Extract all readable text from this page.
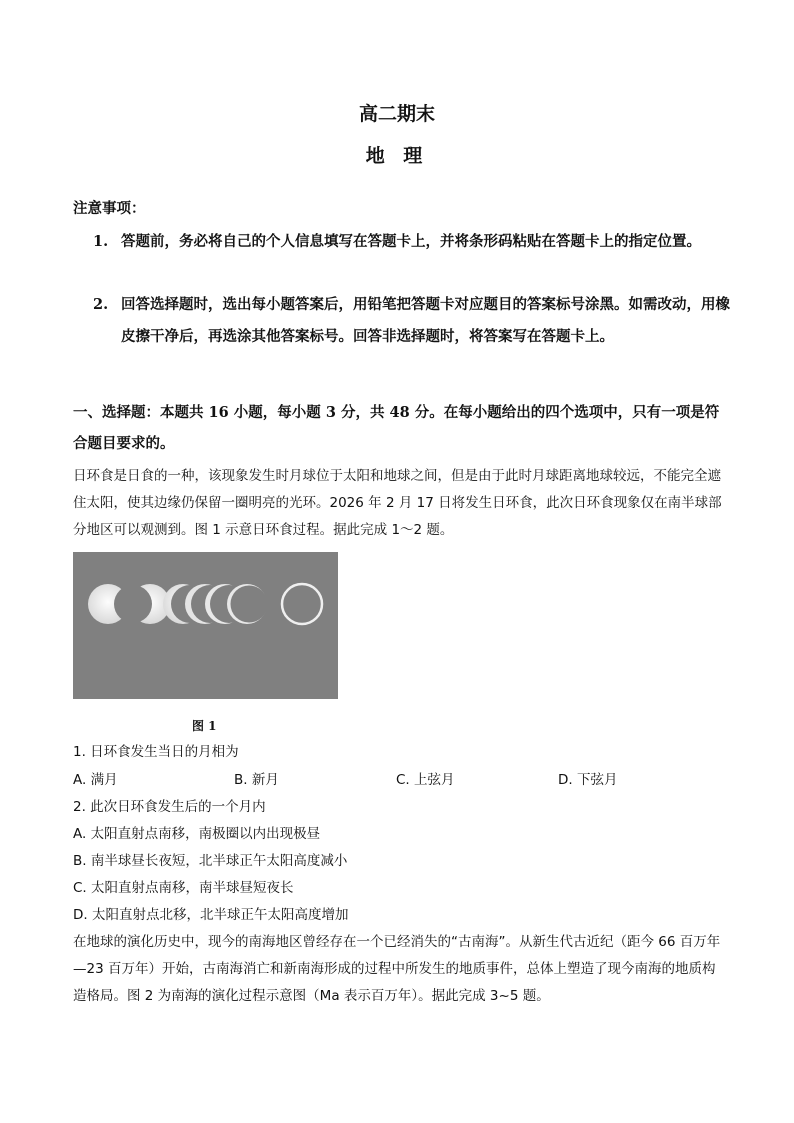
高二期末
地 理
注意事项：
1. 答题前，务必将自己的个人信息填写在答题卡上，并将条形码粘贴在答题卡上的指定位置。
2. 回答选择题时，选出每小题答案后，用铅笔把答题卡对应题目的答案标号涂黑。如需改动，用橡皮擦干净后，再选涂其他答案标号。回答非选择题时，将答案写在答题卡上。
一、选择题：本题共 16 小题，每小题 3 分，共 48 分。在每小题给出的四个选项中，只有一项是符合题目要求的。
日环食是日食的一种，该现象发生时月球位于太阳和地球之间，但是由于此时月球距离地球较远，不能完全遮住太阳，使其边缘仍保留一圈明亮的光环。2026 年 2 月 17 日将发生日环食，此次日环食现象仅在南半球部分地区可以观测到。图 1 示意日环食过程。据此完成 1～2 题。
图 1
1. 日环食发生当日的月相为
A. 满月	B. 新月	C. 上弦月	D. 下弦月
2. 此次日环食发生后的一个月内
A. 太阳直射点南移，南极圈以内出现极昼
B. 南半球昼长夜短，北半球正午太阳高度减小
C. 太阳直射点南移，南半球昼短夜长
D. 太阳直射点北移，北半球正午太阳高度增加
在地球的演化历史中，现今的南海地区曾经存在一个已经消失的“古南海”。从新生代古近纪（距今 66 百万年—23 百万年）开始，古南海消亡和新南海形成的过程中所发生的地质事件，总体上塑造了现今南海的地质构造格局。图 2 为南海的演化过程示意图（Ma 表示百万年）。据此完成 3~5 题。
